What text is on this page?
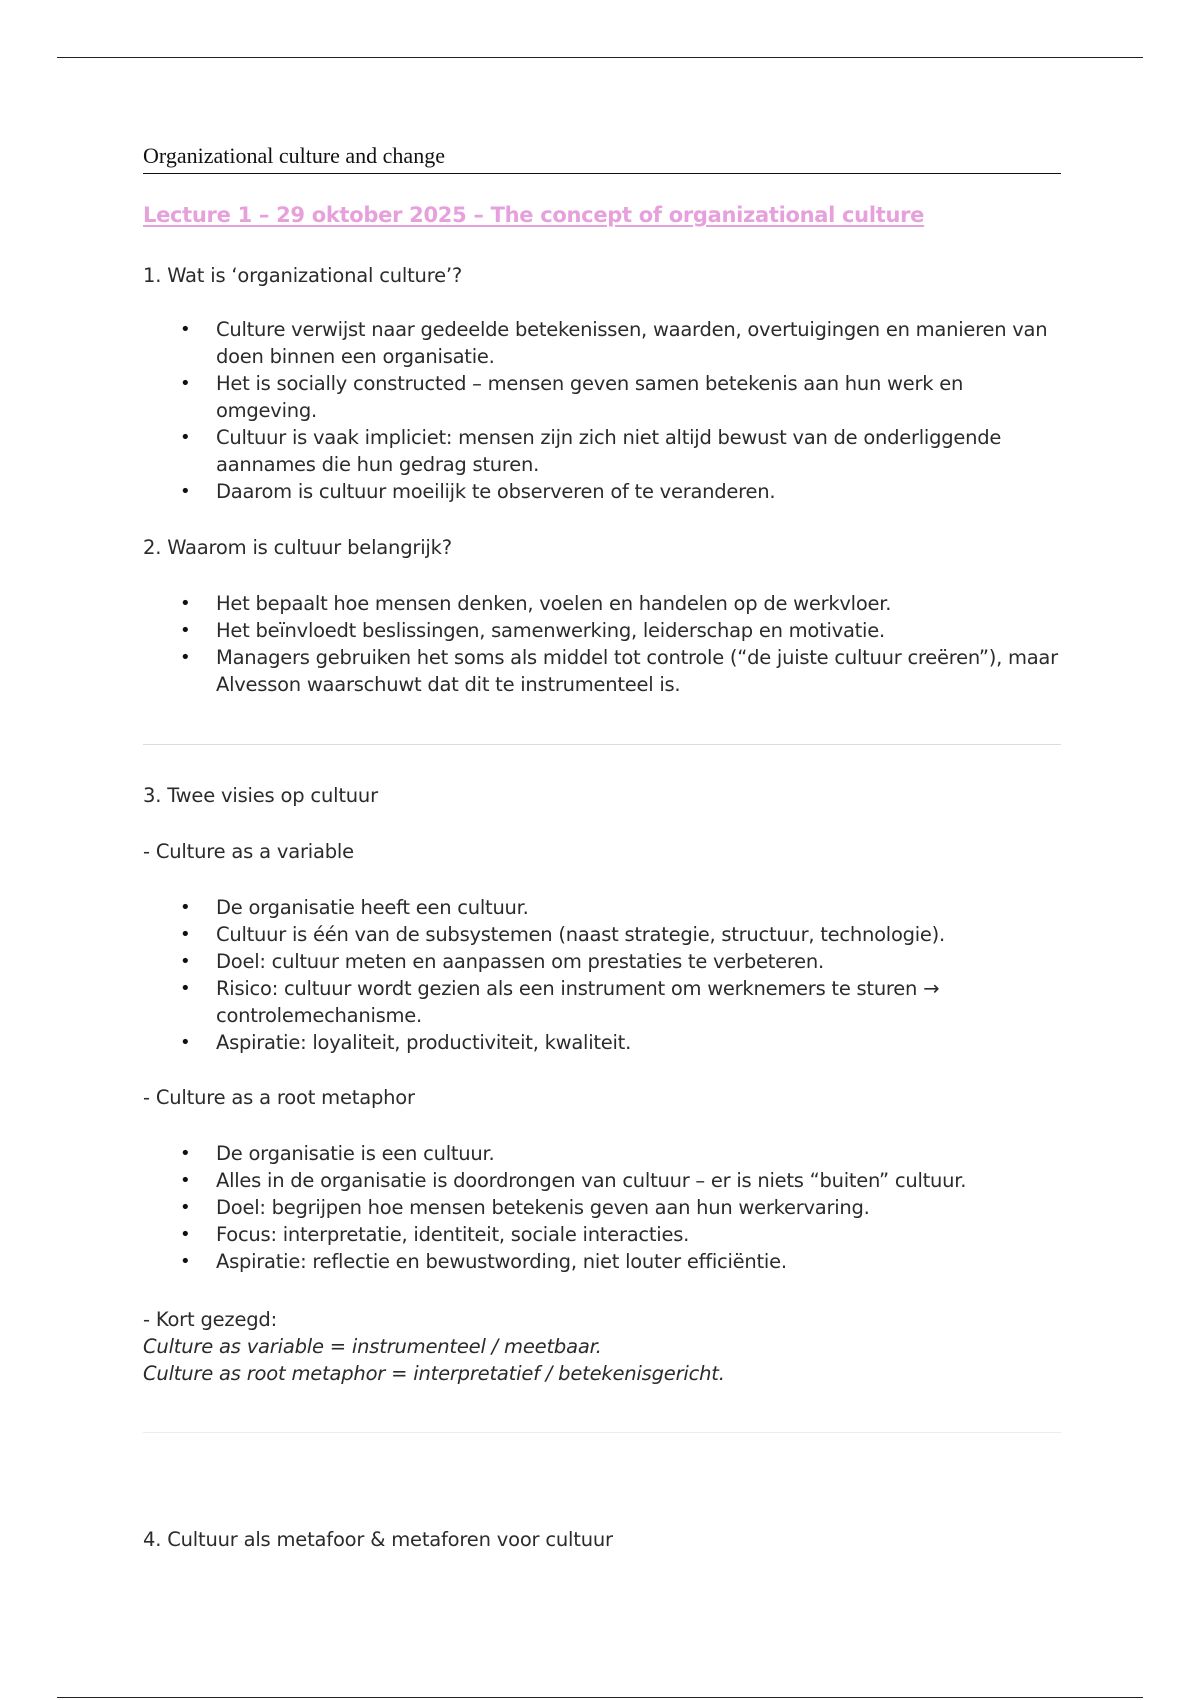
Organizational culture and change
Lecture 1 – 29 oktober 2025 – The concept of organizational culture
1. Wat is ‘organizational culture’?
• Culture verwijst naar gedeelde betekenissen, waarden, overtuigingen en manieren van doen binnen een organisatie.
• Het is socially constructed – mensen geven samen betekenis aan hun werk en omgeving.
• Cultuur is vaak impliciet: mensen zijn zich niet altijd bewust van de onderliggende aannames die hun gedrag sturen.
• Daarom is cultuur moeilijk te observeren of te veranderen.
2. Waarom is cultuur belangrijk?
• Het bepaalt hoe mensen denken, voelen en handelen op de werkvloer.
• Het beïnvloedt beslissingen, samenwerking, leiderschap en motivatie.
• Managers gebruiken het soms als middel tot controle (“de juiste cultuur creëren”), maar Alvesson waarschuwt dat dit te instrumenteel is.
3. Twee visies op cultuur
- Culture as a variable
• De organisatie heeft een cultuur.
• Cultuur is één van de subsystemen (naast strategie, structuur, technologie).
• Doel: cultuur meten en aanpassen om prestaties te verbeteren.
• Risico: cultuur wordt gezien als een instrument om werknemers te sturen → controlemechanisme.
• Aspiratie: loyaliteit, productiviteit, kwaliteit.
- Culture as a root metaphor
• De organisatie is een cultuur.
• Alles in de organisatie is doordrongen van cultuur – er is niets “buiten” cultuur.
• Doel: begrijpen hoe mensen betekenis geven aan hun werkervaring.
• Focus: interpretatie, identiteit, sociale interacties.
• Aspiratie: reflectie en bewustwording, niet louter efficiëntie.
- Kort gezegd:
Culture as variable = instrumenteel / meetbaar.
Culture as root metaphor = interpretatief / betekenisgericht.
4. Cultuur als metafoor & metaforen voor cultuur
